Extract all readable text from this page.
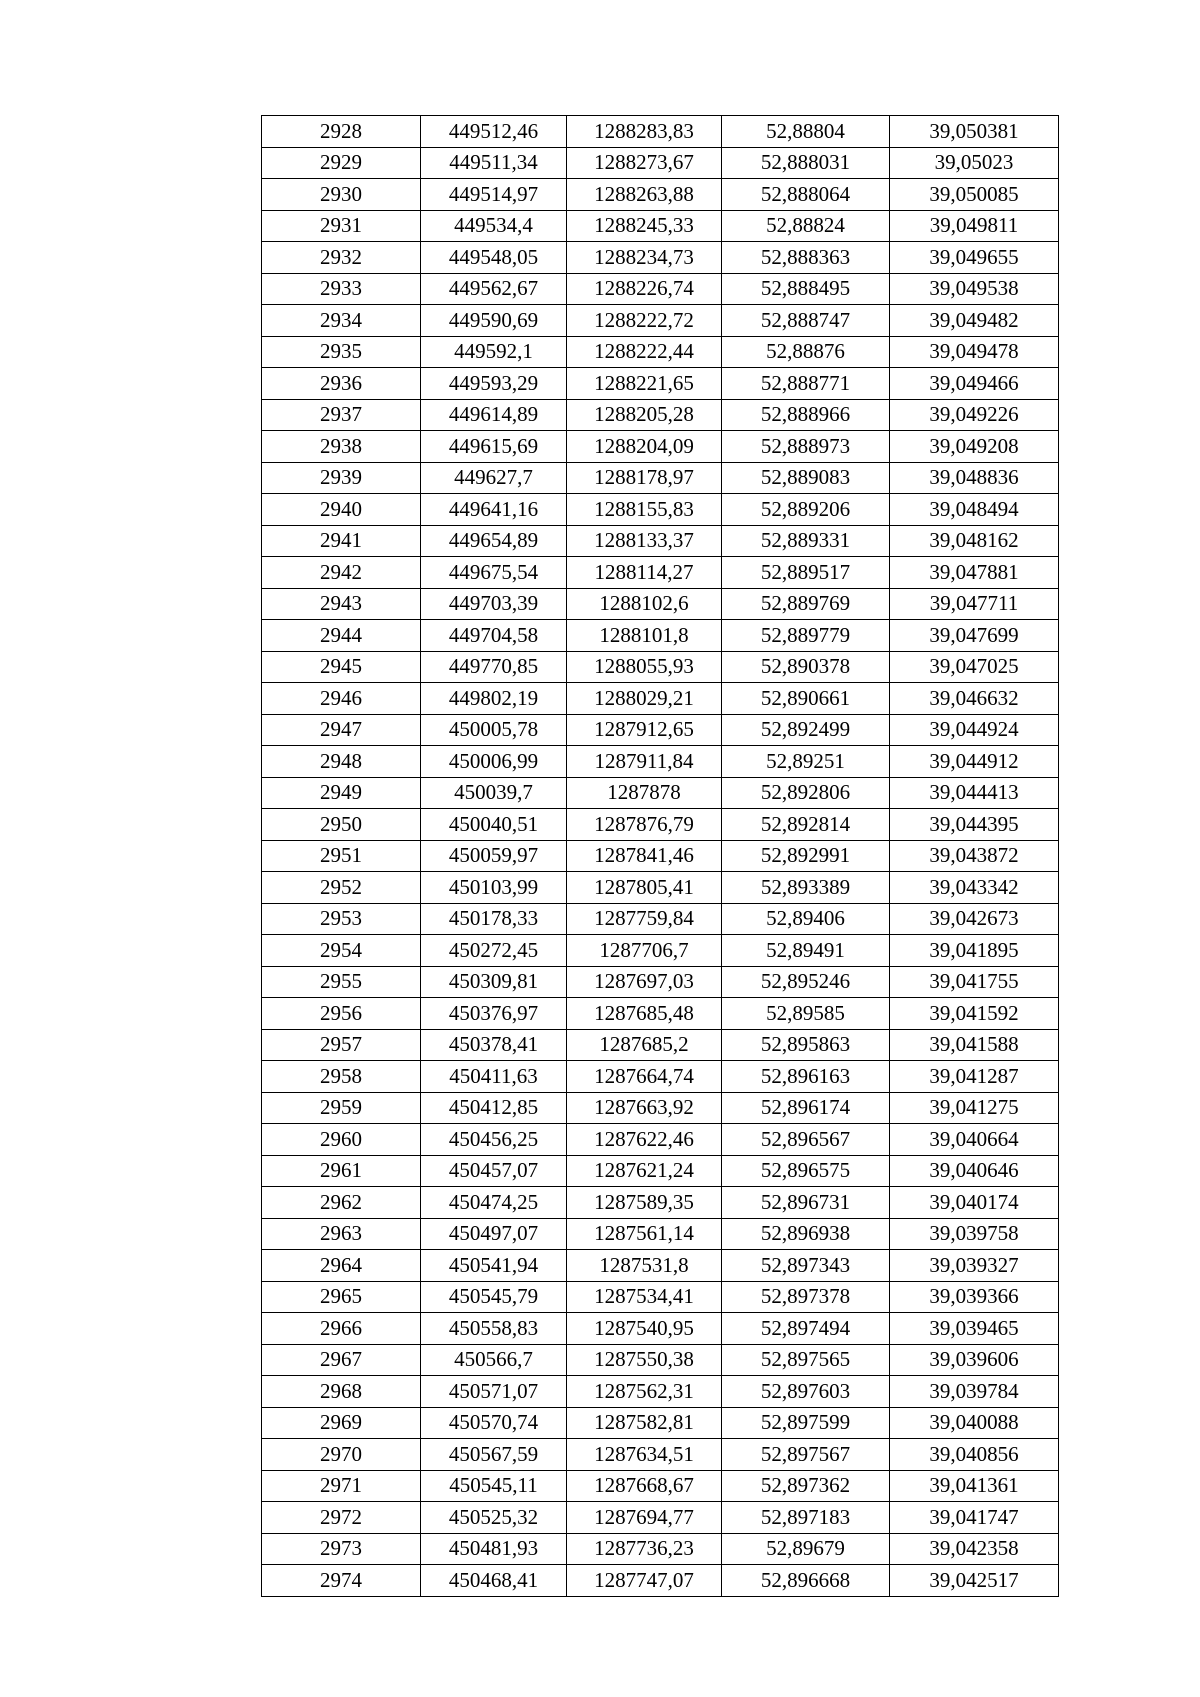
2928	449512,46	1288283,83	52,88804	39,050381
2929	449511,34	1288273,67	52,888031	39,05023
2930	449514,97	1288263,88	52,888064	39,050085
2931	449534,4	1288245,33	52,88824	39,049811
2932	449548,05	1288234,73	52,888363	39,049655
2933	449562,67	1288226,74	52,888495	39,049538
2934	449590,69	1288222,72	52,888747	39,049482
2935	449592,1	1288222,44	52,88876	39,049478
2936	449593,29	1288221,65	52,888771	39,049466
2937	449614,89	1288205,28	52,888966	39,049226
2938	449615,69	1288204,09	52,888973	39,049208
2939	449627,7	1288178,97	52,889083	39,048836
2940	449641,16	1288155,83	52,889206	39,048494
2941	449654,89	1288133,37	52,889331	39,048162
2942	449675,54	1288114,27	52,889517	39,047881
2943	449703,39	1288102,6	52,889769	39,047711
2944	449704,58	1288101,8	52,889779	39,047699
2945	449770,85	1288055,93	52,890378	39,047025
2946	449802,19	1288029,21	52,890661	39,046632
2947	450005,78	1287912,65	52,892499	39,044924
2948	450006,99	1287911,84	52,89251	39,044912
2949	450039,7	1287878	52,892806	39,044413
2950	450040,51	1287876,79	52,892814	39,044395
2951	450059,97	1287841,46	52,892991	39,043872
2952	450103,99	1287805,41	52,893389	39,043342
2953	450178,33	1287759,84	52,89406	39,042673
2954	450272,45	1287706,7	52,89491	39,041895
2955	450309,81	1287697,03	52,895246	39,041755
2956	450376,97	1287685,48	52,89585	39,041592
2957	450378,41	1287685,2	52,895863	39,041588
2958	450411,63	1287664,74	52,896163	39,041287
2959	450412,85	1287663,92	52,896174	39,041275
2960	450456,25	1287622,46	52,896567	39,040664
2961	450457,07	1287621,24	52,896575	39,040646
2962	450474,25	1287589,35	52,896731	39,040174
2963	450497,07	1287561,14	52,896938	39,039758
2964	450541,94	1287531,8	52,897343	39,039327
2965	450545,79	1287534,41	52,897378	39,039366
2966	450558,83	1287540,95	52,897494	39,039465
2967	450566,7	1287550,38	52,897565	39,039606
2968	450571,07	1287562,31	52,897603	39,039784
2969	450570,74	1287582,81	52,897599	39,040088
2970	450567,59	1287634,51	52,897567	39,040856
2971	450545,11	1287668,67	52,897362	39,041361
2972	450525,32	1287694,77	52,897183	39,041747
2973	450481,93	1287736,23	52,89679	39,042358
2974	450468,41	1287747,07	52,896668	39,042517
